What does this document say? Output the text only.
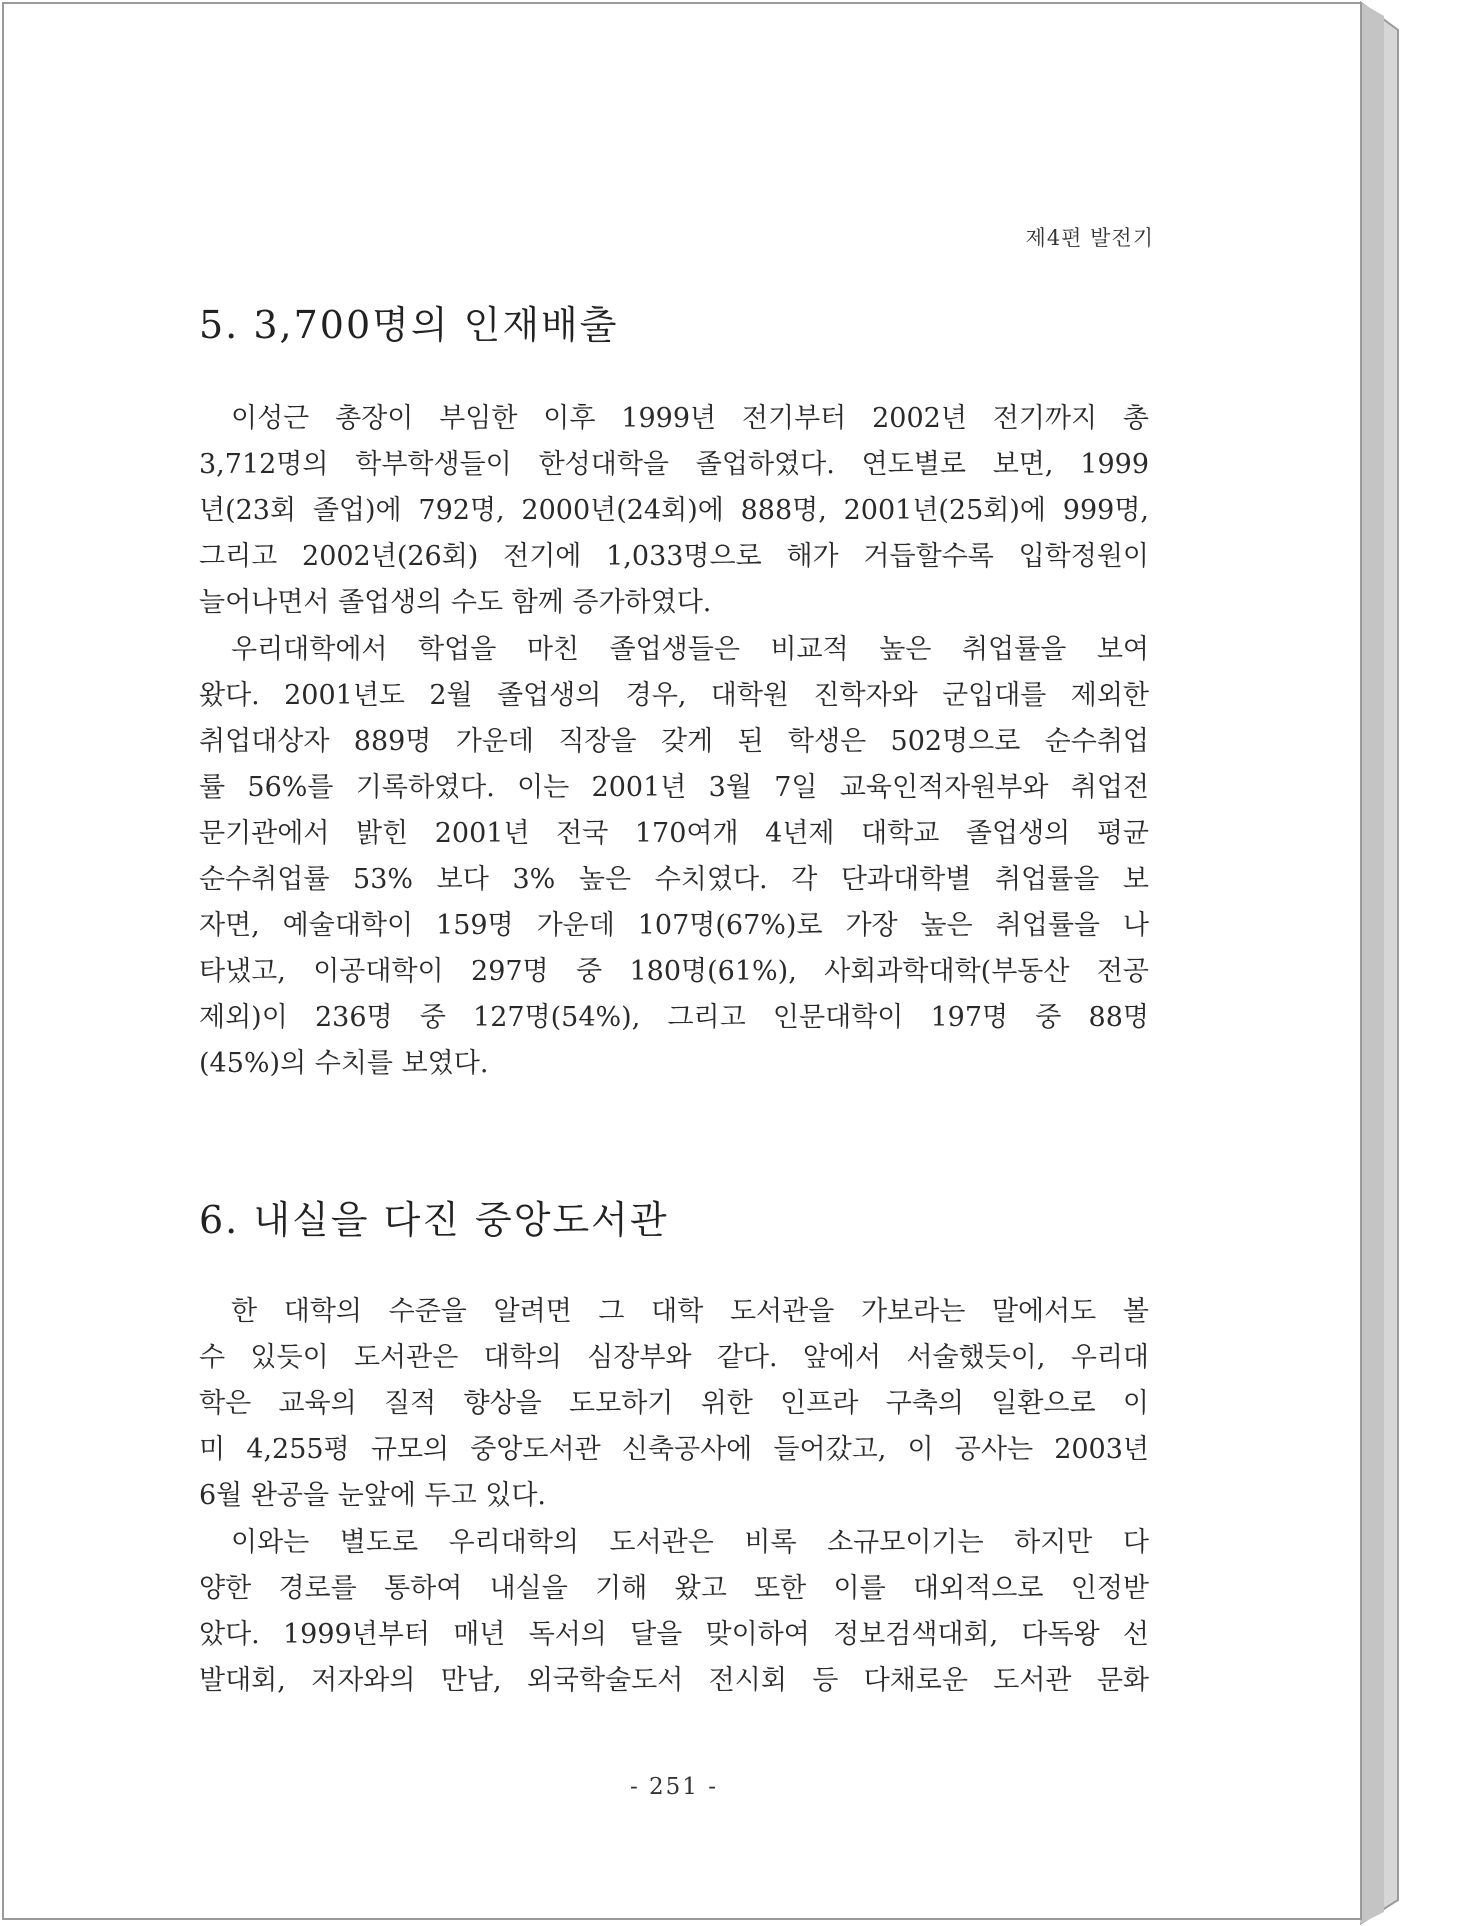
제4편 발전기
5. 3,700명의 인재배출
이성근 총장이 부임한 이후 1999년 전기부터 2002년 전기까지 총
3,712명의 학부학생들이 한성대학을 졸업하였다. 연도별로 보면, 1999
년(23회 졸업)에 792명, 2000년(24회)에 888명, 2001년(25회)에 999명,
그리고 2002년(26회) 전기에 1,033명으로 해가 거듭할수록 입학정원이
늘어나면서 졸업생의 수도 함께 증가하였다.
우리대학에서 학업을 마친 졸업생들은 비교적 높은 취업률을 보여
왔다. 2001년도 2월 졸업생의 경우, 대학원 진학자와 군입대를 제외한
취업대상자 889명 가운데 직장을 갖게 된 학생은 502명으로 순수취업
률 56%를 기록하였다. 이는 2001년 3월 7일 교육인적자원부와 취업전
문기관에서 밝힌 2001년 전국 170여개 4년제 대학교 졸업생의 평균
순수취업률 53% 보다 3% 높은 수치였다. 각 단과대학별 취업률을 보
자면, 예술대학이 159명 가운데 107명(67%)로 가장 높은 취업률을 나
타냈고, 이공대학이 297명 중 180명(61%), 사회과학대학(부동산 전공
제외)이 236명 중 127명(54%), 그리고 인문대학이 197명 중 88명
(45%)의 수치를 보였다.
6. 내실을 다진 중앙도서관
한 대학의 수준을 알려면 그 대학 도서관을 가보라는 말에서도 볼
수 있듯이 도서관은 대학의 심장부와 같다. 앞에서 서술했듯이, 우리대
학은 교육의 질적 향상을 도모하기 위한 인프라 구축의 일환으로 이
미 4,255평 규모의 중앙도서관 신축공사에 들어갔고, 이 공사는 2003년
6월 완공을 눈앞에 두고 있다.
이와는 별도로 우리대학의 도서관은 비록 소규모이기는 하지만 다
양한 경로를 통하여 내실을 기해 왔고 또한 이를 대외적으로 인정받
았다. 1999년부터 매년 독서의 달을 맞이하여 정보검색대회, 다독왕 선
발대회, 저자와의 만남, 외국학술도서 전시회 등 다채로운 도서관 문화
- 251 -
